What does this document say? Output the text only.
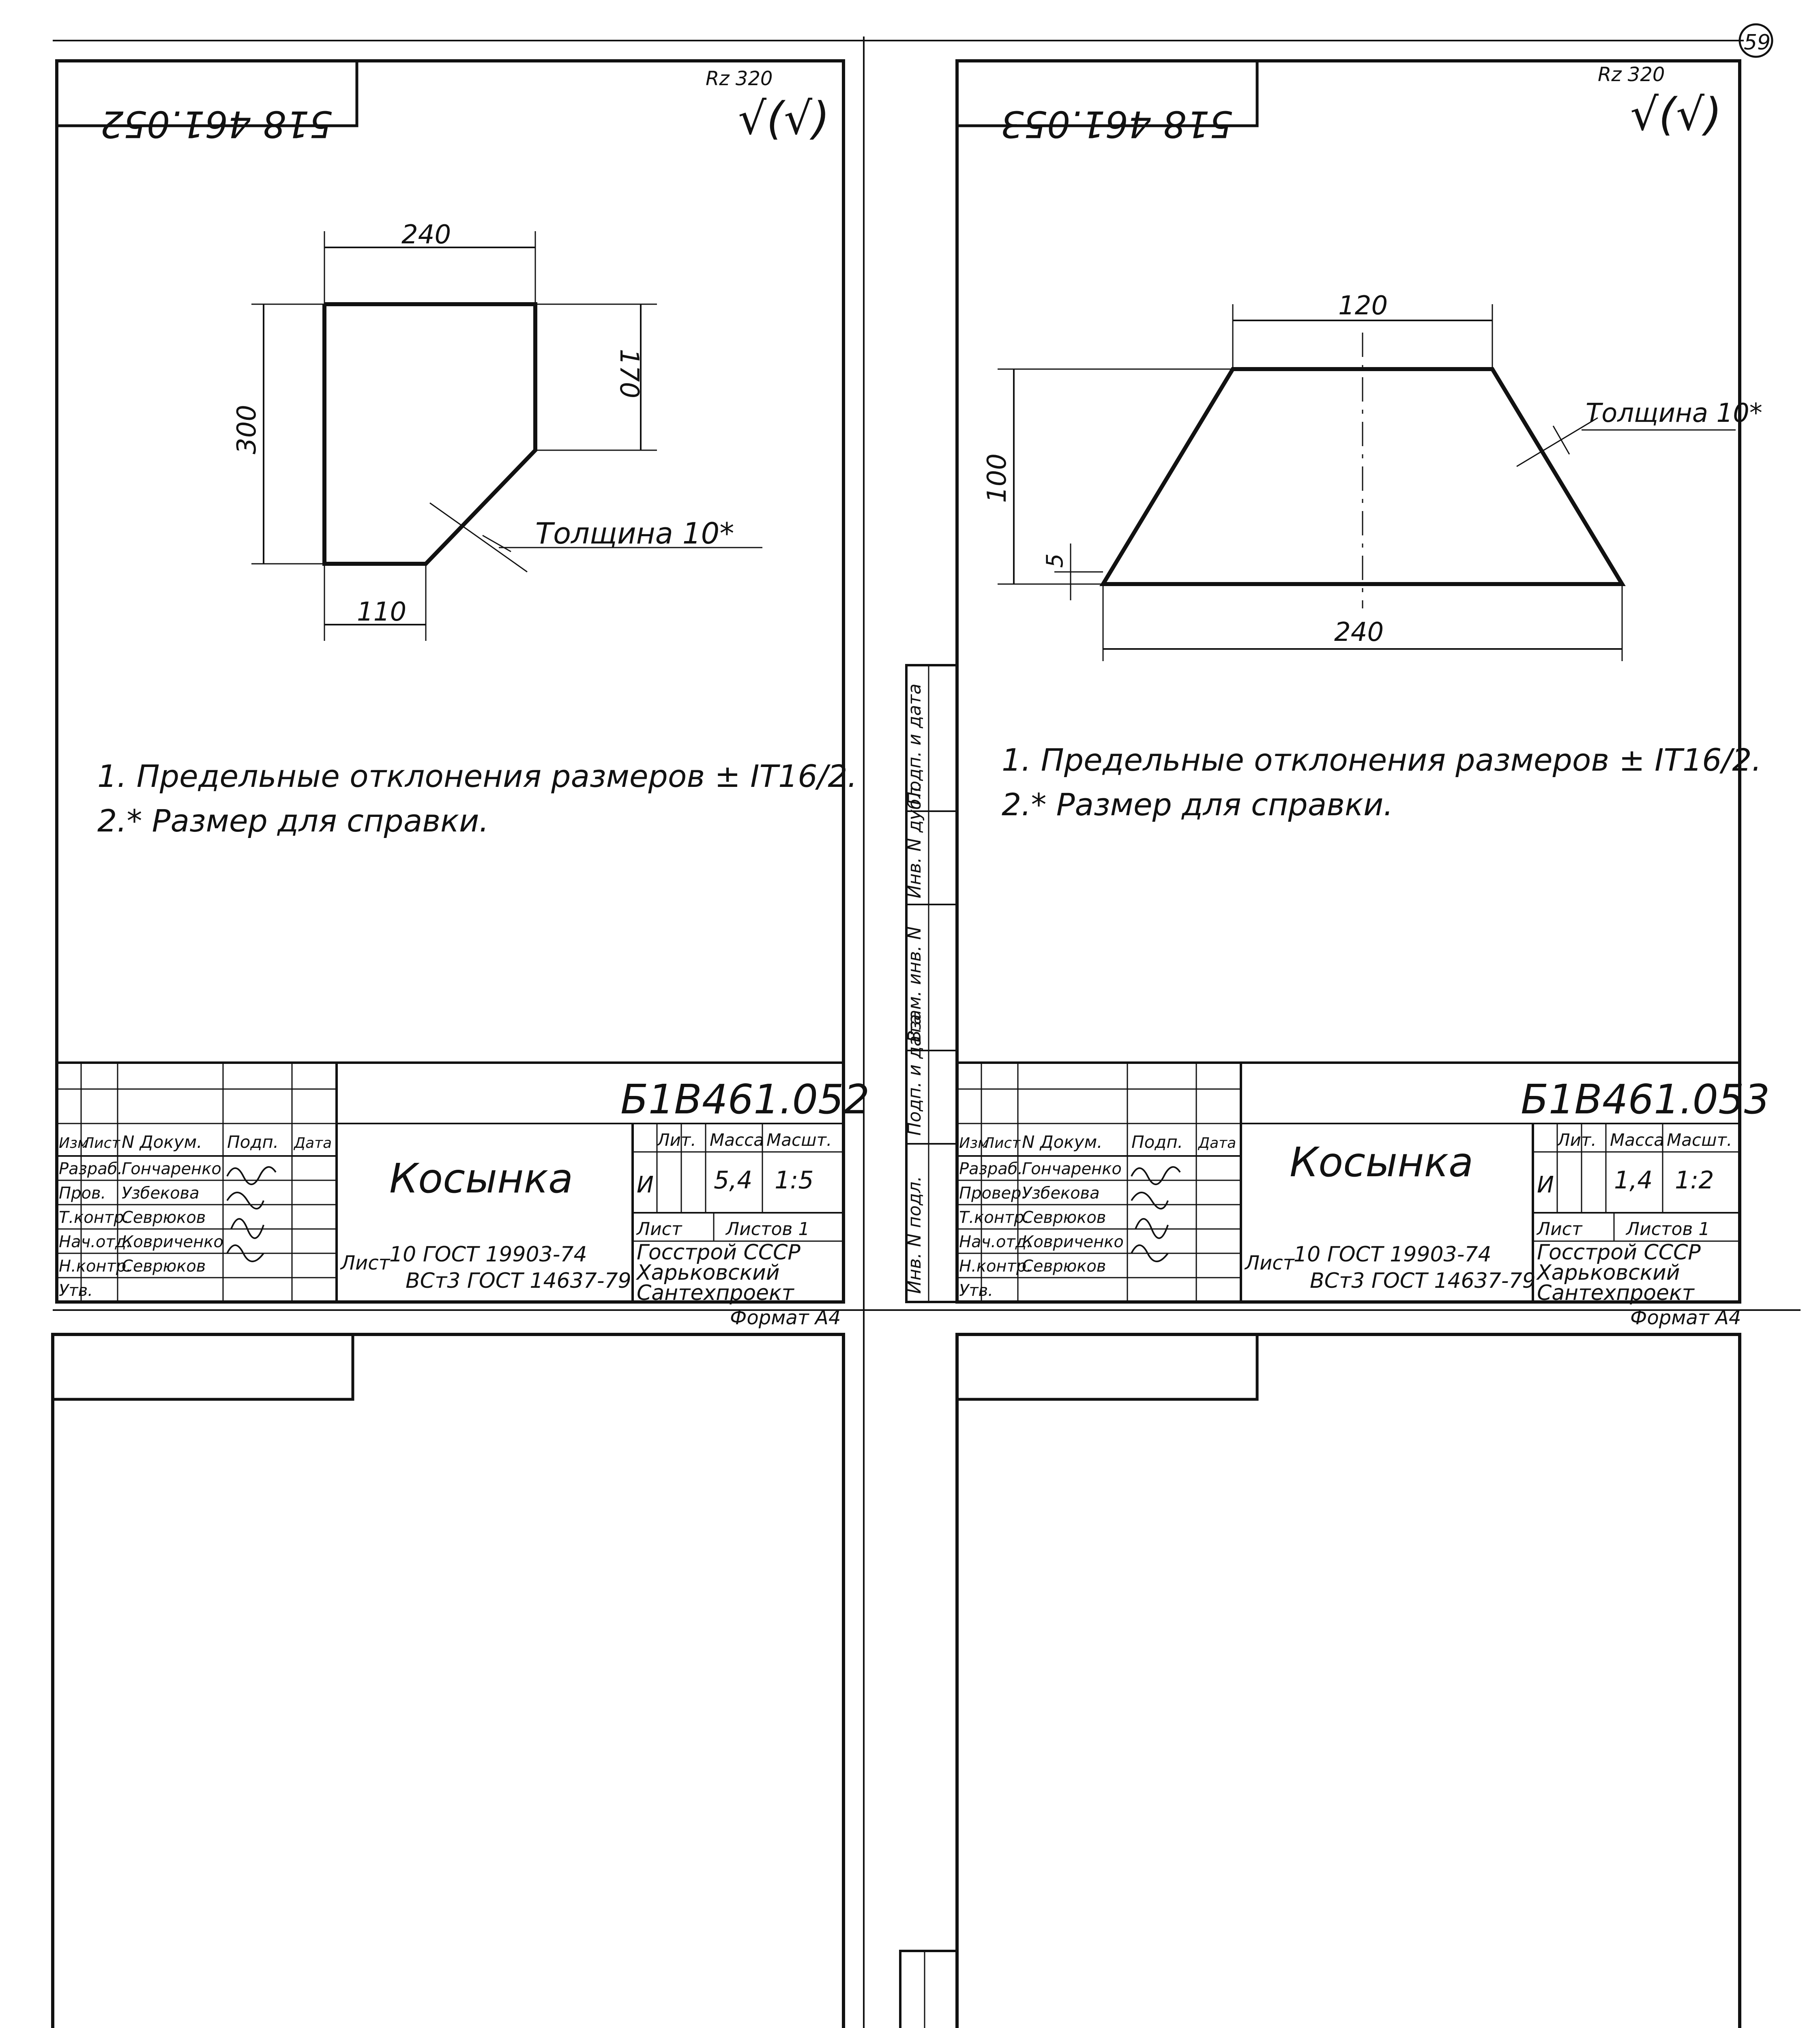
59
518 461.052
Rz 320
√(√)
240
300
170
110
Толщина 10*
1. Предельные отклонения размеров ± IT16/2.
2.* Размер для справки.
Б1В461.052
Косынка
Изм
Лист N Докум. Подп. Дата
Разраб.
Пров.
Т.контр.
Нач.отд.
Н.контр.
Утв.
Гончаренко
Узбекова
Севрюков
Ковриченко
Севрюков
Лит. Масса Масшт.
И 5,4 1:5
Лист Листов 1
Лист
10 ГОСТ 19903-74
ВСт3 ГОСТ 14637-79
Госстрой СССР
Харьковский
Сантехпроект
Формат А4
518 461.053
Rz 320
√(√)
120
100
5
240
Толщина 10*
1. Предельные отклонения размеров ± IT16/2.
2.* Размер для справки.
Инв. N подл.
Подп. и дата
Взам. инв. N
Инв. N дубл.
Подп. и дата
Б1В461.053
Косынка
Изм
Лист N Докум. Подп. Дата
Разраб.
Провер.
Т.контр.
Нач.отд.
Н.контр.
Утв.
Гончаренко
Узбекова
Севрюков
Ковриченко
Севрюков
Лит. Масса Масшт.
И 1,4 1:2
Лист Листов 1
Лист
10 ГОСТ 19903-74
ВСт3 ГОСТ 14637-79
Госстрой СССР
Харьковский
Сантехпроект
Формат А4
